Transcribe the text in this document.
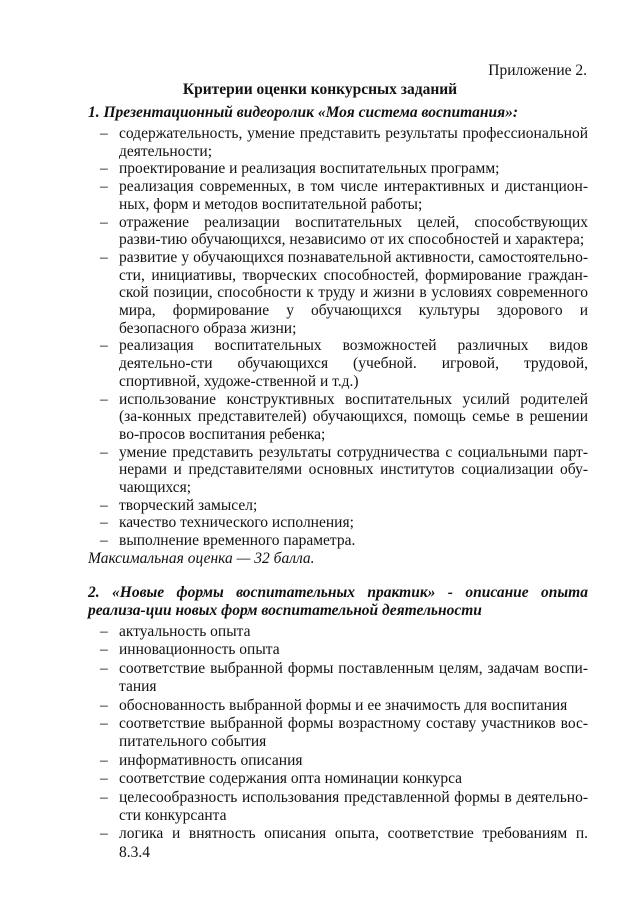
Приложение 2.
Критерии оценки конкурсных заданий

1. Презентационный видеоролик «Моя система воспитания»:

– содержательность, умение представить результаты профессиональной деятельности;
– проектирование и реализация воспитательных программ;
– реализация современных, в том числе интерактивных и дистанцион-ных, форм и методов воспитательной работы;
– отражение реализации воспитательных целей, способствующих разви-тию обучающихся, независимо от их способностей и характера;
– развитие у обучающихся познавательной активности, самостоятельно-сти, инициативы, творческих способностей, формирование граждан-ской позиции, способности к труду и жизни в условиях современного мира, формирование у обучающихся культуры здорового и безопасного образа жизни;
– реализация воспитательных возможностей различных видов деятельно-сти обучающихся (учебной. игровой, трудовой, спортивной, художе-ственной и т.д.)
– использование конструктивных воспитательных усилий родителей (за-конных представителей) обучающихся, помощь семье в решении во-просов воспитания ребенка;
– умение представить результаты сотрудничества с социальными парт-нерами и представителями основных институтов социализации обу-чающихся;
– творческий замысел;
– качество технического исполнения;
– выполнение временного параметра.

Максимальная оценка — 32 балла.

2. «Новые формы воспитательных практик» - описание опыта реализа-ции новых форм воспитательной деятельности

– актуальность опыта
– инновационность опыта
– соответствие выбранной формы поставленным целям, задачам воспи-тания
– обоснованность выбранной формы и ее значимость для воспитания
– соответствие выбранной формы возрастному составу участников вос-питательного события
– информативность описания
– соответствие содержания опта номинации конкурса
– целесообразность использования представленной формы в деятельно-сти конкурсанта
– логика и внятность описания опыта, соответствие требованиям п. 8.3.4
